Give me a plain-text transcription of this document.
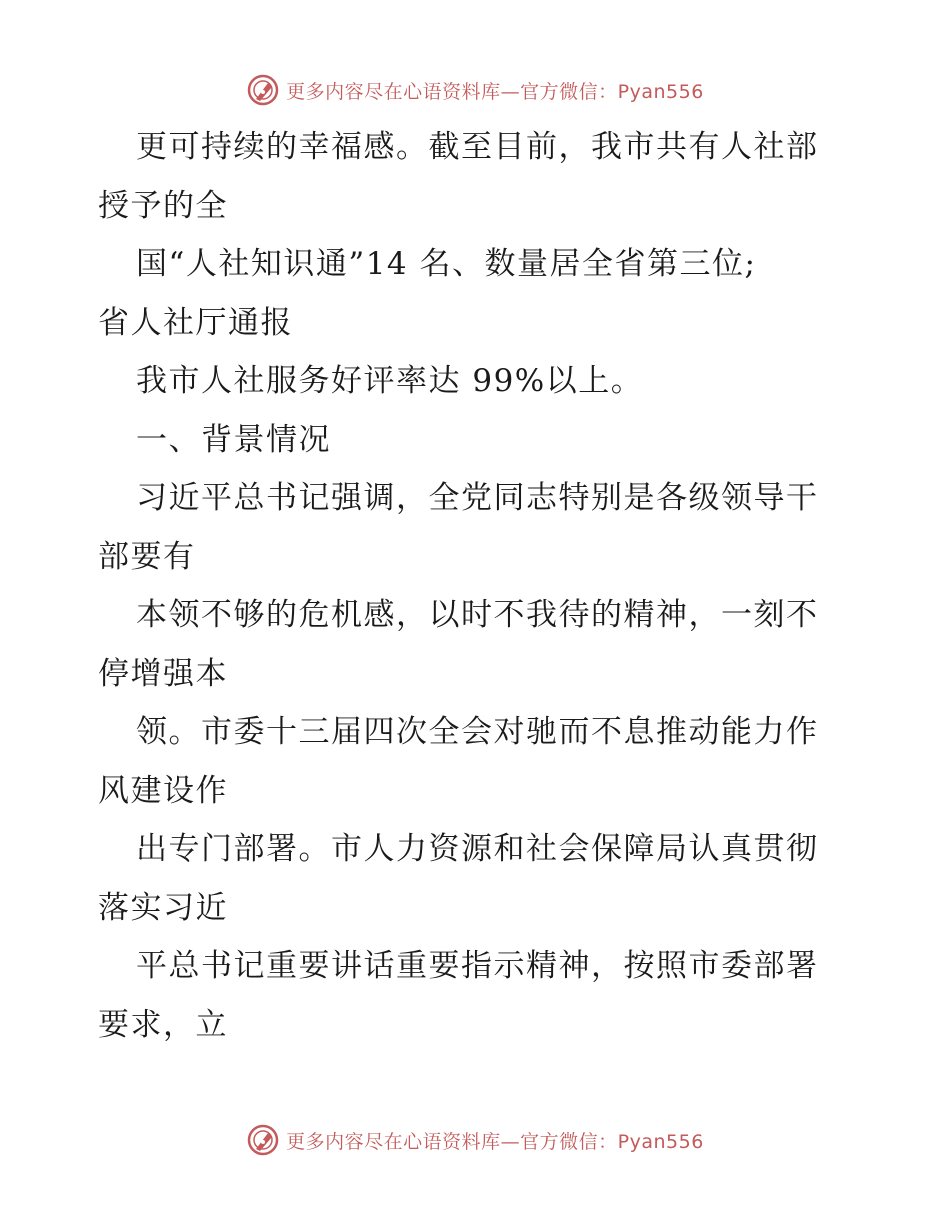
更多内容尽在心语资料库—官方微信：Pyan556
更可持续的幸福感。截至目前，我市共有人社部
授予的全
国“人社知识通”14 名、数量居全省第三位;
省人社厅通报
我市人社服务好评率达 99%以上。
一、背景情况
习近平总书记强调，全党同志特别是各级领导干
部要有
本领不够的危机感，以时不我待的精神，一刻不
停增强本
领。市委十三届四次全会对驰而不息推动能力作
风建设作
出专门部署。市人力资源和社会保障局认真贯彻
落实习近
平总书记重要讲话重要指示精神，按照市委部署
要求，立
更多内容尽在心语资料库—官方微信：Pyan556
